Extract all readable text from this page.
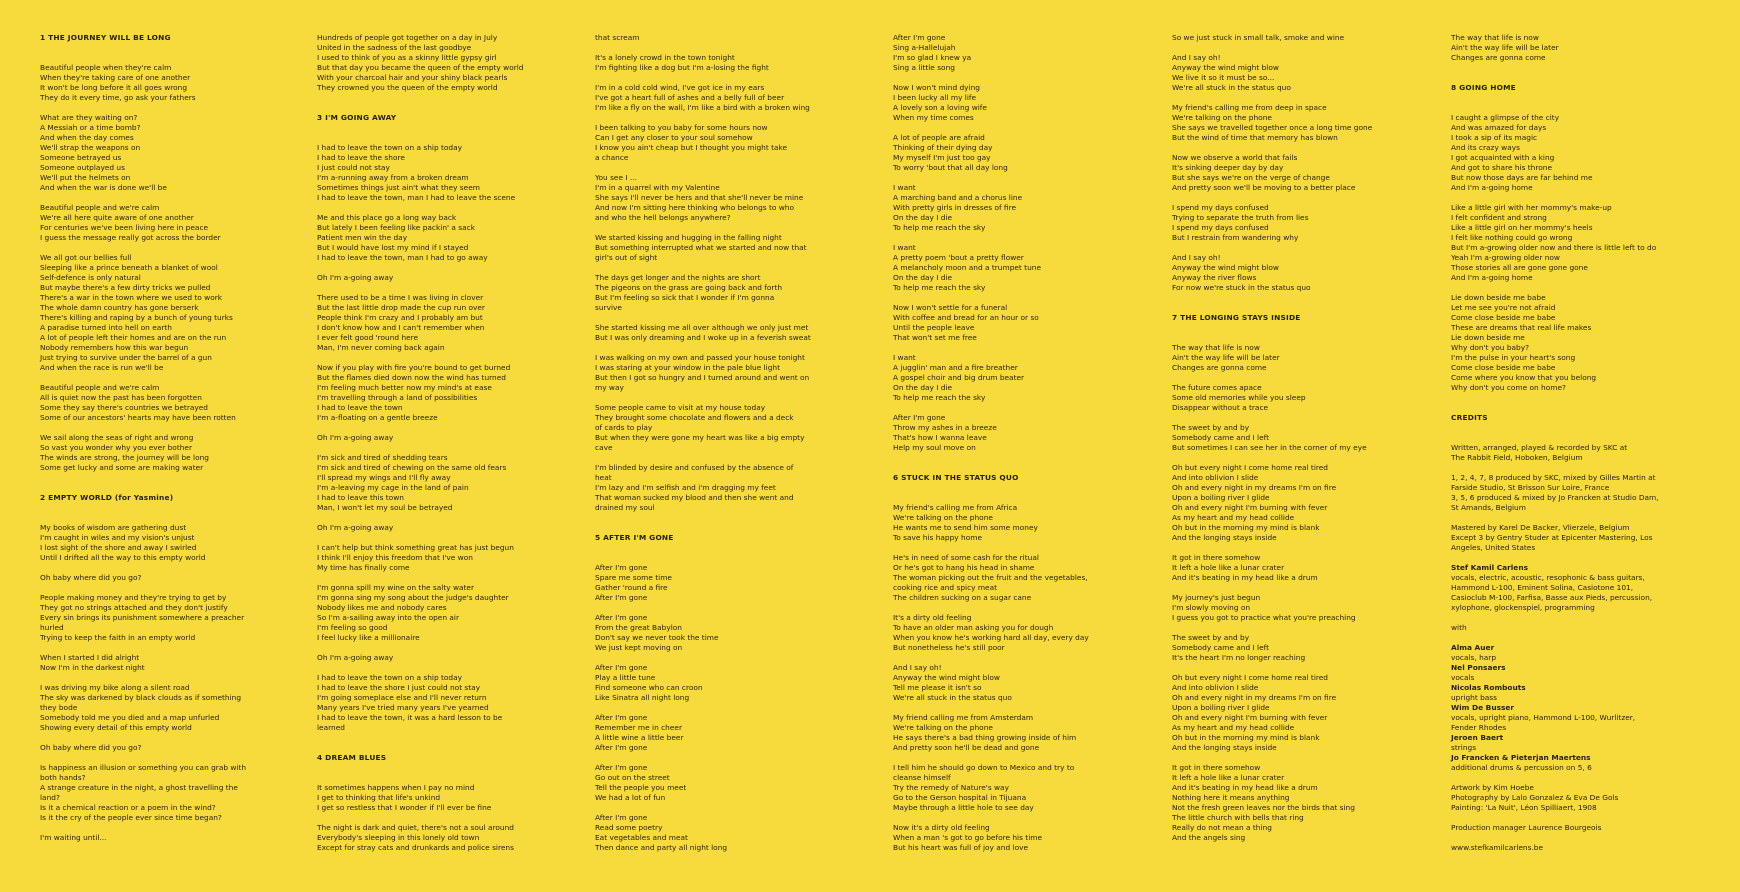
1 THE JOURNEY WILL BE LONG
Beautiful people when they're calm
When they're taking care of one another
It won't be long before it all goes wrong
They do it every time, go ask your fathers
What are they waiting on?
A Messiah or a time bomb?
And when the day comes
We'll strap the weapons on
Someone betrayed us
Someone outplayed us
We'll put the helmets on
And when the war is done we'll be
Beautiful people and we're calm
We're all here quite aware of one another
For centuries we've been living here in peace
I guess the message really got across the border
We all got our bellies full
Sleeping like a prince beneath a blanket of wool
Self-defence is only natural
But maybe there's a few dirty tricks we pulled
There's a war in the town where we used to work
The whole damn country has gone berserk
There's killing and raping by a bunch of young turks
A paradise turned into hell on earth
A lot of people left their homes and are on the run
Nobody remembers how this war begun
Just trying to survive under the barrel of a gun
And when the race is run we'll be
Beautiful people and we're calm
All is quiet now the past has been forgotten
Some they say there's countries we betrayed
Some of our ancestors' hearts may have been rotten
We sail along the seas of right and wrong
So vast you wonder why you ever bother
The winds are strong, the journey will be long
Some get lucky and some are making water
2 EMPTY WORLD (for Yasmine)
My books of wisdom are gathering dust
I'm caught in wiles and my vision's unjust
I lost sight of the shore and away I swirled
Until I drifted all the way to this empty world
Oh baby where did you go?
People making money and they're trying to get by
They got no strings attached and they don't justify
Every sin brings its punishment somewhere a preacher
hurled
Trying to keep the faith in an empty world
When I started I did alright
Now I'm in the darkest night
I was driving my bike along a silent road
The sky was darkened by black clouds as if something
they bode
Somebody told me you died and a map unfurled
Showing every detail of this empty world
Oh baby where did you go?
Is happiness an illusion or something you can grab with
both hands?
A strange creature in the night, a ghost travelling the
land?
Is it a chemical reaction or a poem in the wind?
Is it the cry of the people ever since time began?
I'm waiting until...
Hundreds of people got together on a day in July
United in the sadness of the last goodbye
I used to think of you as a skinny little gypsy girl
But that day you became the queen of the empty world
With your charcoal hair and your shiny black pearls
They crowned you the queen of the empty world
3 I'M GOING AWAY
I had to leave the town on a ship today
I had to leave the shore
I just could not stay
I'm a-running away from a broken dream
Sometimes things just ain't what they seem
I had to leave the town, man I had to leave the scene
Me and this place go a long way back
But lately I been feeling like packin' a sack
Patient men win the day
But I would have lost my mind if I stayed
I had to leave the town, man I had to go away
Oh I'm a-going away
There used to be a time I was living in clover
But the last little drop made the cup run over
People think I'm crazy and I probably am but
I don't know how and I can't remember when
I ever felt good 'round here
Man, I'm never coming back again
Now if you play with fire you're bound to get burned
But the flames died down now the wind has turned
I'm feeling much better now my mind's at ease
I'm travelling through a land of possibilities
I had to leave the town
I'm a-floating on a gentle breeze
Oh I'm a-going away
I'm sick and tired of shedding tears
I'm sick and tired of chewing on the same old fears
I'll spread my wings and I'll fly away
I'm a-leaving my cage in the land of pain
I had to leave this town
Man, I won't let my soul be betrayed
Oh I'm a-going away
I can't help but think something great has just begun
I think I'll enjoy this freedom that I've won
My time has finally come
I'm gonna spill my wine on the salty water
I'm gonna sing my song about the judge's daughter
Nobody likes me and nobody cares
So I'm a-sailing away into the open air
I'm feeling so good
I feel lucky like a millionaire
Oh I'm a-going away
I had to leave the town on a ship today
I had to leave the shore I just could not stay
I'm going someplace else and I'll never return
Many years I've tried many years I've yearned
I had to leave the town, it was a hard lesson to be
learned
4 DREAM BLUES
It sometimes happens when I pay no mind
I get to thinking that life's unkind
I get so restless that I wonder if I'll ever be fine
The night is dark and quiet, there's not a soul around
Everybody's sleeping in this lonely old town
Except for stray cats and drunkards and police sirens
that scream
It's a lonely crowd in the town tonight
I'm fighting like a dog but I'm a-losing the fight
I'm in a cold cold wind, I've got ice in my ears
I've got a heart full of ashes and a belly full of beer
I'm like a fly on the wall, I'm like a bird with a broken wing
I been talking to you baby for some hours now
Can I get any closer to your soul somehow
I know you ain't cheap but I thought you might take
a chance
You see I ...
I'm in a quarrel with my Valentine
She says I'll never be hers and that she'll never be mine
And now I'm sitting here thinking who belongs to who
and who the hell belongs anywhere?
We started kissing and hugging in the falling night
But something interrupted what we started and now that
girl's out of sight
The days get longer and the nights are short
The pigeons on the grass are going back and forth
But I'm feeling so sick that I wonder if I'm gonna
survive
She started kissing me all over although we only just met
But I was only dreaming and I woke up in a feverish sweat
I was walking on my own and passed your house tonight
I was staring at your window in the pale blue light
But then I got so hungry and I turned around and went on
my way
Some people came to visit at my house today
They brought some chocolate and flowers and a deck
of cards to play
But when they were gone my heart was like a big empty
cave
I'm blinded by desire and confused by the absence of
heat
I'm lazy and I'm selfish and i'm dragging my feet
That woman sucked my blood and then she went and
drained my soul
5 AFTER I'M GONE
After I'm gone
Spare me some time
Gather 'round a fire
After I'm gone
After I'm gone
From the great Babylon
Don't say we never took the time
We just kept moving on
After I'm gone
Play a little tune
Find someone who can croon
Like Sinatra all night long
After I'm gone
Remember me in cheer
A little wine a little beer
After I'm gone
After I'm gone
Go out on the street
Tell the people you meet
We had a lot of fun
After I'm gone
Read some poetry
Eat vegetables and meat
Then dance and party all night long
After I'm gone
Sing a-Hallelujah
I'm so glad I knew ya
Sing a little song
Now I won't mind dying
I been lucky all my life
A lovely son a loving wife
When my time comes
A lot of people are afraid
Thinking of their dying day
My myself I'm just too gay
To worry 'bout that all day long
I want
A marching band and a chorus line
With pretty girls in dresses of fire
On the day I die
To help me reach the sky
I want
A pretty poem 'bout a pretty flower
A melancholy moon and a trumpet tune
On the day I die
To help me reach the sky
Now I won't settle for a funeral
With coffee and bread for an hour or so
Until the people leave
That won't set me free
I want
A jugglin' man and a fire breather
A gospel choir and big drum beater
On the day I die
To help me reach the sky
After I'm gone
Throw my ashes in a breeze
That's how I wanna leave
Help my soul move on
6 STUCK IN THE STATUS QUO
My friend's calling me from Africa
We're talking on the phone
He wants me to send him some money
To save his happy home
He's in need of some cash for the ritual
Or he's got to hang his head in shame
The woman picking out the fruit and the vegetables,
cooking rice and spicy meat
The children sucking on a sugar cane
It's a dirty old feeling
To have an older man asking you for dough
When you know he's working hard all day, every day
But nonetheless he's still poor
And I say oh!
Anyway the wind might blow
Tell me please it isn't so
We're all stuck in the status quo
My friend calling me from Amsterdam
We're talking on the phone
He says there's a bad thing growing inside of him
And pretty soon he'll be dead and gone
I tell him he should go down to Mexico and try to
cleanse himself
Try the remedy of Nature's way
Go to the Gerson hospital in Tijuana
Maybe through a little hole to see day
Now it's a dirty old feeling
When a man 's got to go before his time
But his heart was full of joy and love
So we just stuck in small talk, smoke and wine
And I say oh!
Anyway the wind might blow
We live it so it must be so...
We're all stuck in the status quo
My friend's calling me from deep in space
We're talking on the phone
She says we travelled together once a long time gone
But the wind of time that memory has blown
Now we observe a world that fails
It's sinking deeper day by day
But she says we're on the verge of change
And pretty soon we'll be moving to a better place
I spend my days confused
Trying to separate the truth from lies
I spend my days confused
But I restrain from wandering why
And I say oh!
Anyway the wind might blow
Anyway the river flows
For now we're stuck in the status quo
7 THE LONGING STAYS INSIDE
The way that life is now
Ain't the way life will be later
Changes are gonna come
The future comes apace
Some old memories while you sleep
Disappear without a trace
The sweet by and by
Somebody came and I left
But sometimes I can see her in the corner of my eye
Oh but every night I come home real tired
And into oblivion I slide
Oh and every night in my dreams I'm on fire
Upon a boiling river I glide
Oh and every night I'm burning with fever
As my heart and my head collide
Oh but in the morning my mind is blank
And the longing stays inside
It got in there somehow
It left a hole like a lunar crater
And it's beating in my head like a drum
My journey's just begun
I'm slowly moving on
I guess you got to practice what you're preaching
The sweet by and by
Somebody came and I left
It's the heart I'm no longer reaching
Oh but every night I come home real tired
And into oblivion I slide
Oh and every night in my dreams I'm on fire
Upon a boiling river I glide
Oh and every night I'm burning with fever
As my heart and my head collide
Oh but in the morning my mind is blank
And the longing stays inside
It got in there somehow
It left a hole like a lunar crater
And it's beating in my head like a drum
Nothing here it means anything
Not the fresh green leaves nor the birds that sing
The little church with bells that ring
Really do not mean a thing
And the angels sing
The way that life is now
Ain't the way life will be later
Changes are gonna come
8 GOING HOME
I caught a glimpse of the city
And was amazed for days
I took a sip of its magic
And its crazy ways
I got acquainted with a king
And got to share his throne
But now those days are far behind me
And I'm a-going home
Like a little girl with her mommy's make-up
I felt confident and strong
Like a little girl on her mommy's heels
I felt like nothing could go wrong
But I'm a-growing older now and there is little left to do
Yeah I'm a-growing older now
Those stories all are gone gone gone
And I'm a-going home
Lie down beside me babe
Let me see you're not afraid
Come close beside me babe
These are dreams that real life makes
Lie down beside me
Why don't you baby?
I'm the pulse in your heart's song
Come close beside me babe
Come where you know that you belong
Why don't you come on home?
CREDITS
Written, arranged, played & recorded by SKC at
The Rabbit Field, Hoboken, Belgium
1, 2, 4, 7, 8 produced by SKC, mixed by Gilles Martin at
Farside Studio, St Brisson Sur Loire, France
3, 5, 6 produced & mixed by Jo Francken at Studio Dam,
St Amands, Belgium
Mastered by Karel De Backer, Vlierzele, Belgium
Except 3 by Gentry Studer at Epicenter Mastering, Los
Angeles, United States
Stef Kamil Carlens
vocals, electric, acoustic, resophonic & bass guitars,
Hammond L-100, Eminent Solina, Casiotone 101,
Casioclub M-100, Farfisa, Basse aux Pieds, percussion,
xylophone, glockenspiel, programming
with
Alma Auer
vocals, harp
Nel Ponsaers
vocals
Nicolas Rombouts
upright bass
Wim De Busser
vocals, upright piano, Hammond L-100, Wurlitzer,
Fender Rhodes
Jeroen Baert
strings
Jo Francken & Pieterjan Maertens
additional drums & percussion on 5, 6
Artwork by Kim Hoebe
Photography by Lalo Gonzalez & Eva De Gols
Painting: 'La Nuit', Léon Spilliaert, 1908
Production manager Laurence Bourgeois
www.stefkamilcarlens.be
